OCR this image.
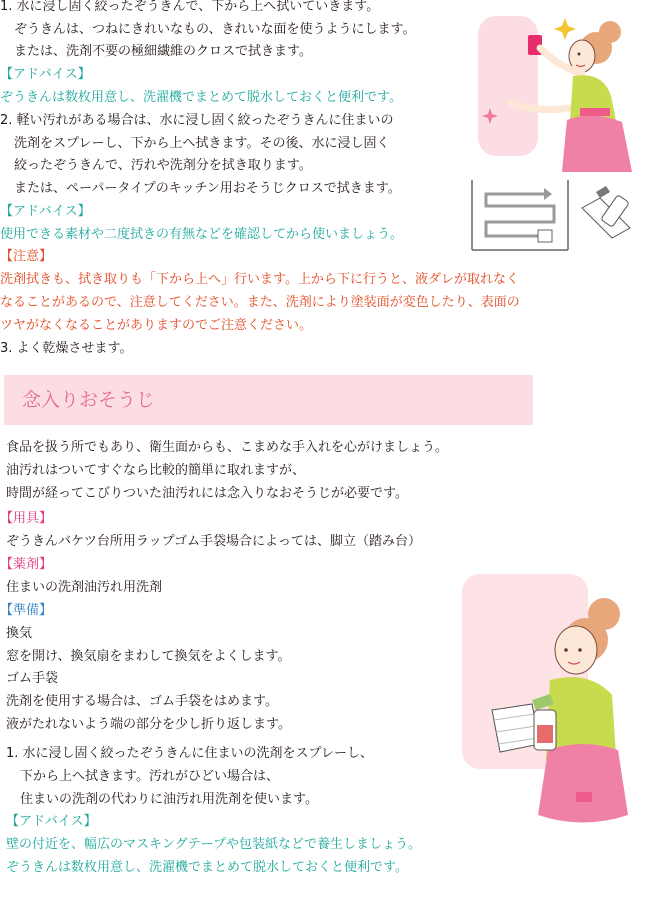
1. 水に浸し固く絞ったぞうきんで、下から上へ拭いていきます。
ぞうきんは、つねにきれいなもの、きれいな面を使うようにします。
または、洗剤不要の極細繊維のクロスで拭きます。
【アドバイス】
ぞうきんは数枚用意し、洗濯機でまとめて脱水しておくと便利です。
2. 軽い汚れがある場合は、水に浸し固く絞ったぞうきんに住まいの
洗剤をスプレーし、下から上へ拭きます。その後、水に浸し固く
絞ったぞうきんで、汚れや洗剤分を拭き取ります。
または、ペーパータイプのキッチン用おそうじクロスで拭きます。
【アドバイス】
使用できる素材や二度拭きの有無などを確認してから使いましょう。
【注意】
洗剤拭きも、拭き取りも「下から上へ」行います。上から下に行うと、液ダレが取れなく
なることがあるので、注意してください。また、洗剤により塗装面が変色したり、表面の
ツヤがなくなることがありますのでご注意ください。
3. よく乾燥させます。
念入りおそうじ
食品を扱う所でもあり、衛生面からも、こまめな手入れを心がけましょう。
油汚れはついてすぐなら比較的簡単に取れますが、
時間が経ってこびりついた油汚れには念入りなおそうじが必要です。
【用具】
ぞうきんバケツ台所用ラップゴム手袋場合によっては、脚立（踏み台）
【薬剤】
住まいの洗剤油汚れ用洗剤
【準備】
換気
窓を開け、換気扇をまわして換気をよくします。
ゴム手袋
洗剤を使用する場合は、ゴム手袋をはめます。
液がたれないよう端の部分を少し折り返します。
1. 水に浸し固く絞ったぞうきんに住まいの洗剤をスプレーし、
下から上へ拭きます。汚れがひどい場合は、
住まいの洗剤の代わりに油汚れ用洗剤を使います。
【アドバイス】
壁の付近を、幅広のマスキングテープや包装紙などで養生しましょう。
ぞうきんは数枚用意し、洗濯機でまとめて脱水しておくと便利です。
